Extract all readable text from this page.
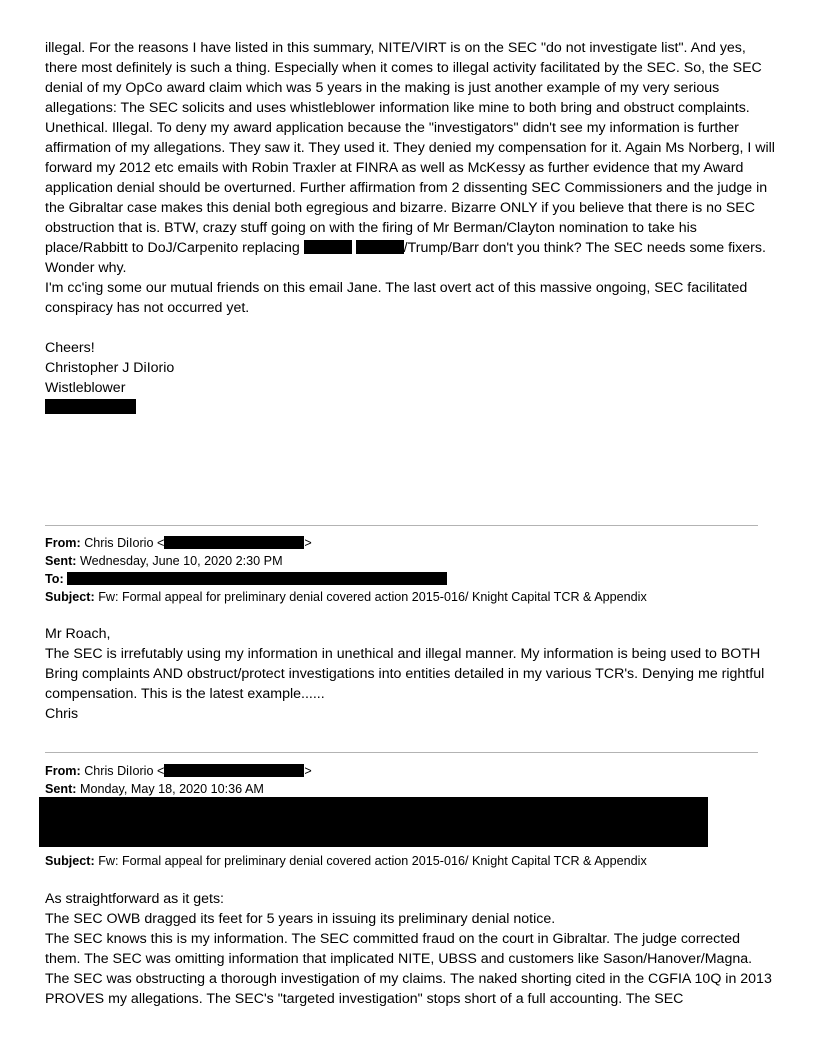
illegal. For the reasons I have listed in this summary, NITE/VIRT is on the SEC "do not investigate list". And yes, there most definitely is such a thing. Especially when it comes to illegal activity facilitated by the SEC. So, the SEC denial of my OpCo award claim which was 5 years in the making is just another example of my very serious allegations: The SEC solicits and uses whistleblower information like mine to both bring and obstruct complaints. Unethical. Illegal. To deny my award application because the "investigators" didn't see my information is further affirmation of my allegations. They saw it. They used it. They denied my compensation for it. Again Ms Norberg, I will forward my 2012 etc emails with Robin Traxler at FINRA as well as McKessy as further evidence that my Award application denial should be overturned. Further affirmation from 2 dissenting SEC Commissioners and the judge in the Gibraltar case makes this denial both egregious and bizarre. Bizarre ONLY if you believe that there is no SEC obstruction that is. BTW, crazy stuff going on with the firing of Mr Berman/Clayton nomination to take his place/Rabbitt to DoJ/Carpenito replacing	/Trump/Barr don't you think? The SEC needs some fixers. Wonder why.

I'm cc'ing some our mutual friends on this email Jane. The last overt act of this massive ongoing, SEC facilitated conspiracy has not occurred yet.

Cheers!

Christopher J DiIorio

Wistleblower

From: Chris DiIorio <	>

Sent: Wednesday, June 10, 2020 2:30 PM

To:

Subject: Fw: Formal appeal for preliminary denial covered action 2015-016/ Knight Capital TCR & Appendix

Mr Roach,

The SEC is irrefutably using my information in unethical and illegal manner. My information is being used to BOTH Bring complaints AND obstruct/protect investigations into entities detailed in my various TCR's. Denying me rightful compensation. This is the latest example......

Chris

From: Chris DiIorio <	>

Sent: Monday, May 18, 2020 10:36 AM

Subject: Fw: Formal appeal for preliminary denial covered action 2015-016/ Knight Capital TCR & Appendix

As straightforward as it gets:

The SEC OWB dragged its feet for 5 years in issuing its preliminary denial notice.

The SEC knows this is my information. The SEC committed fraud on the court in Gibraltar. The judge corrected them. The SEC was omitting information that implicated NITE, UBSS and customers like Sason/Hanover/Magna. The SEC was obstructing a thorough investigation of my claims. The naked shorting cited in the CGFIA 10Q in 2013 PROVES my allegations. The SEC's "targeted investigation" stops short of a full accounting. The SEC
